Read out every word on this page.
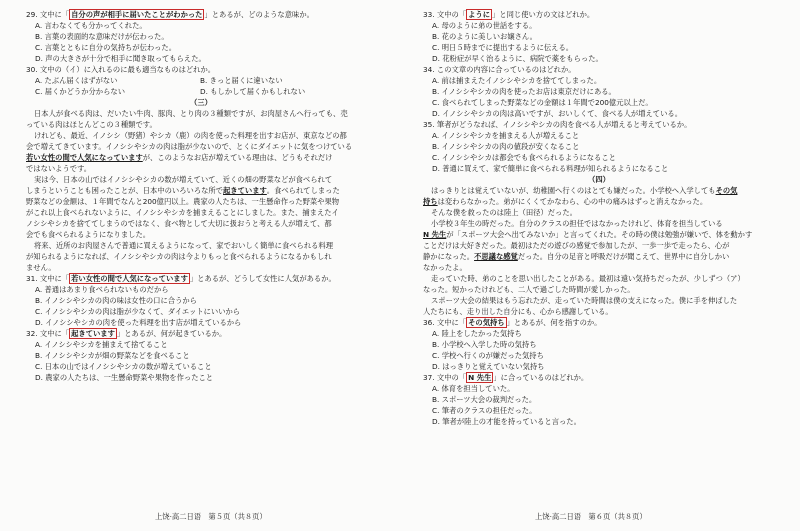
29. 文中に「 自分の声が相手に届いたことがわかった 」とあるが、どのような意味か。
A. 言わなくても分かってくれた。
B. 言葉の表面的な意味だけが伝わった。
C. 言葉とともに自分の気持ちが伝わった。
D. 声の大きさが十分で相手に聞き取ってもらえた。
30. 文中の（イ）に入れるのに最も適当なものはどれか。
A. たぶん届くはずがない	B. きっと届くに違いない
C. 届くかどうか分からない	D. もしかして届くかもしれない
（三）
日本人が食べる肉は、だいたい牛肉、豚肉、とり肉の３種類ですが、お肉屋さんへ行っても、売
っている肉はほとんどこの３種類です。
けれども、最近、イノシシ（野猪）やシカ（鹿）の肉を使った料理を出すお店が、東京などの都
会で増えてきています。イノシシやシカの肉は脂が少ないので、とくにダイエットに気をつけている
若い女性の間で人気になっていますが、このようなお店が増えている理由は、どうもそれだけ
ではないようです。
実は今、日本の山ではイノシシやシカの数が増えていて、近くの畑の野菜などが食べられて
しまうということも困ったことが、日本中のいろいろな所で起きています。食べられてしまった
野菜などの金額は、１年間でなんと200億円以上。農家の人たちは、一生懸命作った野菜や果物
がこれ以上食べられないように、イノシシやシカを捕まえることにしました。また、捕まえたイ
ノシシやシカを捨ててしまうのではなく、食べ物として大切に扱おうと考える人が増えて、都
会でも食べられるようになりました。
将来、近所のお肉屋さんで普通に買えるようになって、家でおいしく簡単に食べられる料理
が知られるようになれば、イノシシやシカの肉は今よりもっと食べられるようになるかもしれ
ません。
31. 文中に「 若い女性の間で人気になっています 」とあるが、どうして女性に人気があるか。
A. 普通はあまり食べられないものだから
B. イノシシやシカの肉の味は女性の口に合うから
C. イノシシやシカの肉は脂が少なくて、ダイエットにいいから
D. イノシシやシカの肉を使った料理を出す店が増えているから
32. 文中に「 起きています 」とあるが、何が起きているか。
A. イノシシやシカを捕まえて捨てること
B. イノシシやシカが畑の野菜などを食べること
C. 日本の山ではイノシシやシカの数が増えていること
D. 農家の人たちは、一生懸命野菜や果物を作ったこと
33. 文中の「 ように 」と同じ使い方の文はどれか。
A. 母のように弟の世話をする。
B. 花のように美しいお嬢さん。
C. 明日５時までに提出するように伝える。
D. 花粉症が早く治るように、病院で薬をもらった。
34. この文章の内容に合っているのはどれか。
A. 前は捕まえたイノシシやシカを捨ててしまった。
B. イノシシやシカの肉を使ったお店は東京だけにある。
C. 食べられてしまった野菜などの金額は１年間で200億元以上だ。
D. イノシシやシカの肉は高いですが、おいしくて、食べる人が増えている。
35. 筆者がどうなれば、イノシシやシカの肉を食べる人が増えると考えているか。
A. イノシシやシカを捕まえる人が増えること
B. イノシシやシカの肉の値段が安くなること
C. イノシシやシカは都会でも食べられるようになること
D. 普通に買えて、家で簡単に食べられる料理が知られるようになること
（四）
はっきりとは覚えていないが、幼稚園へ行くのはとても嫌だった。小学校へ入学してもその気
持ちは変わらなかった。弟がにくくてかなわら、心の中の痛みはずっと消えなかった。
そんな僕を救ったのは陸上（田径）だった。
小学校３年生の時だった。自分のクラスの担任ではなかったけれど、体育を担当している
N 先生が「スポーツ大会へ出てみないか」と言ってくれた。その時の僕は勉強が嫌いで、体を動かす
ことだけは大好きだった。最初はただの遊びの感覚で参加したが、一歩一歩で走ったら、心が
静かになった。不思議な感覚だった。自分の足音と呼吸だけが聞こえて、世界中に自分しかい
なかったよ。
走っていた時、弟のことを思い出したことがある。最初は遠い気持ちだったが、少しずつ（ア）
なった。短かったけれども、二人で過ごした時間が愛しかった。
スポーツ大会の結果はもう忘れたが、走っていた時間は僕の支えになった。僕に手を伸ばした
人たちにも、走り出した自分にも、心から感謝している。
36. 文中に「 その気持ち 」とあるが、何を指すのか。
A. 陸上をしたかった気持ち
B. 小学校へ入学した時の気持ち
C. 学校へ行くのが嫌だった気持ち
D. はっきりと覚えていない気持ち
37. 文中の「 N 先生 」に合っているのはどれか。
A. 体育を担当していた。
B. スポーツ大会の裁判だった。
C. 筆者のクラスの担任だった。
D. 筆者が陸上の才能を持っていると言った。
上饶·高二日语　第５页（共８页）	上饶·高二日语　第６页（共８页）
